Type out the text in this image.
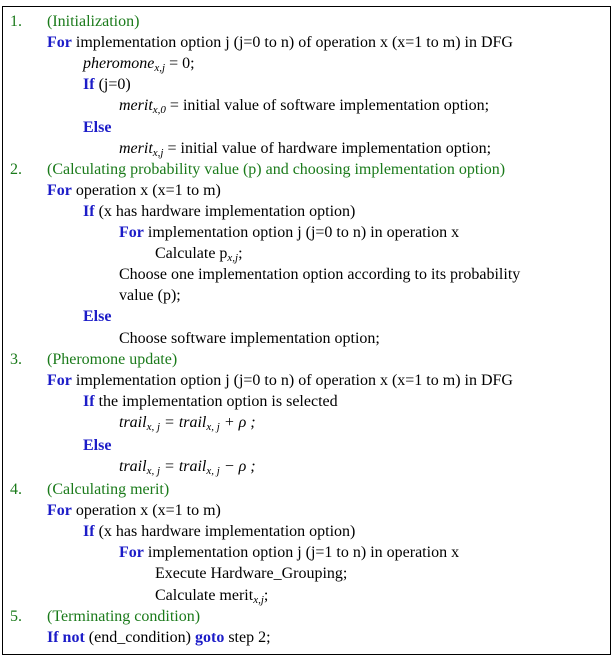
1. (Initialization)
For implementation option j (j=0 to n) of operation x (x=1 to m) in DFG
pheromone$_{x,j}$ = 0;
If (j=0)
merit$_{x,0}$ = initial value of software implementation option;
Else
merit$_{x,j}$ = initial value of hardware implementation option;
2. (Calculating probability value (p) and choosing implementation option)
For operation x (x=1 to m)
If (x has hardware implementation option)
For implementation option j (j=0 to n) in operation x
Calculate $p_{x,j}$;
Choose one implementation option according to its probability
value (p);
Else
Choose software implementation option;
3. (Pheromone update)
For implementation option j (j=0 to n) of operation x (x=1 to m) in DFG
If the implementation option is selected
trail$_{x, j}$ = trail$_{x, j}$ + ρ ;
Else
trail$_{x, j}$ = trail$_{x, j}$ − ρ ;
4. (Calculating merit)
For operation x (x=1 to m)
If (x has hardware implementation option)
For implementation option j (j=1 to n) in operation x
Execute Hardware_Grouping;
Calculate merit$_{x,j}$;
5. (Terminating condition)
If not (end_condition) goto step 2;
